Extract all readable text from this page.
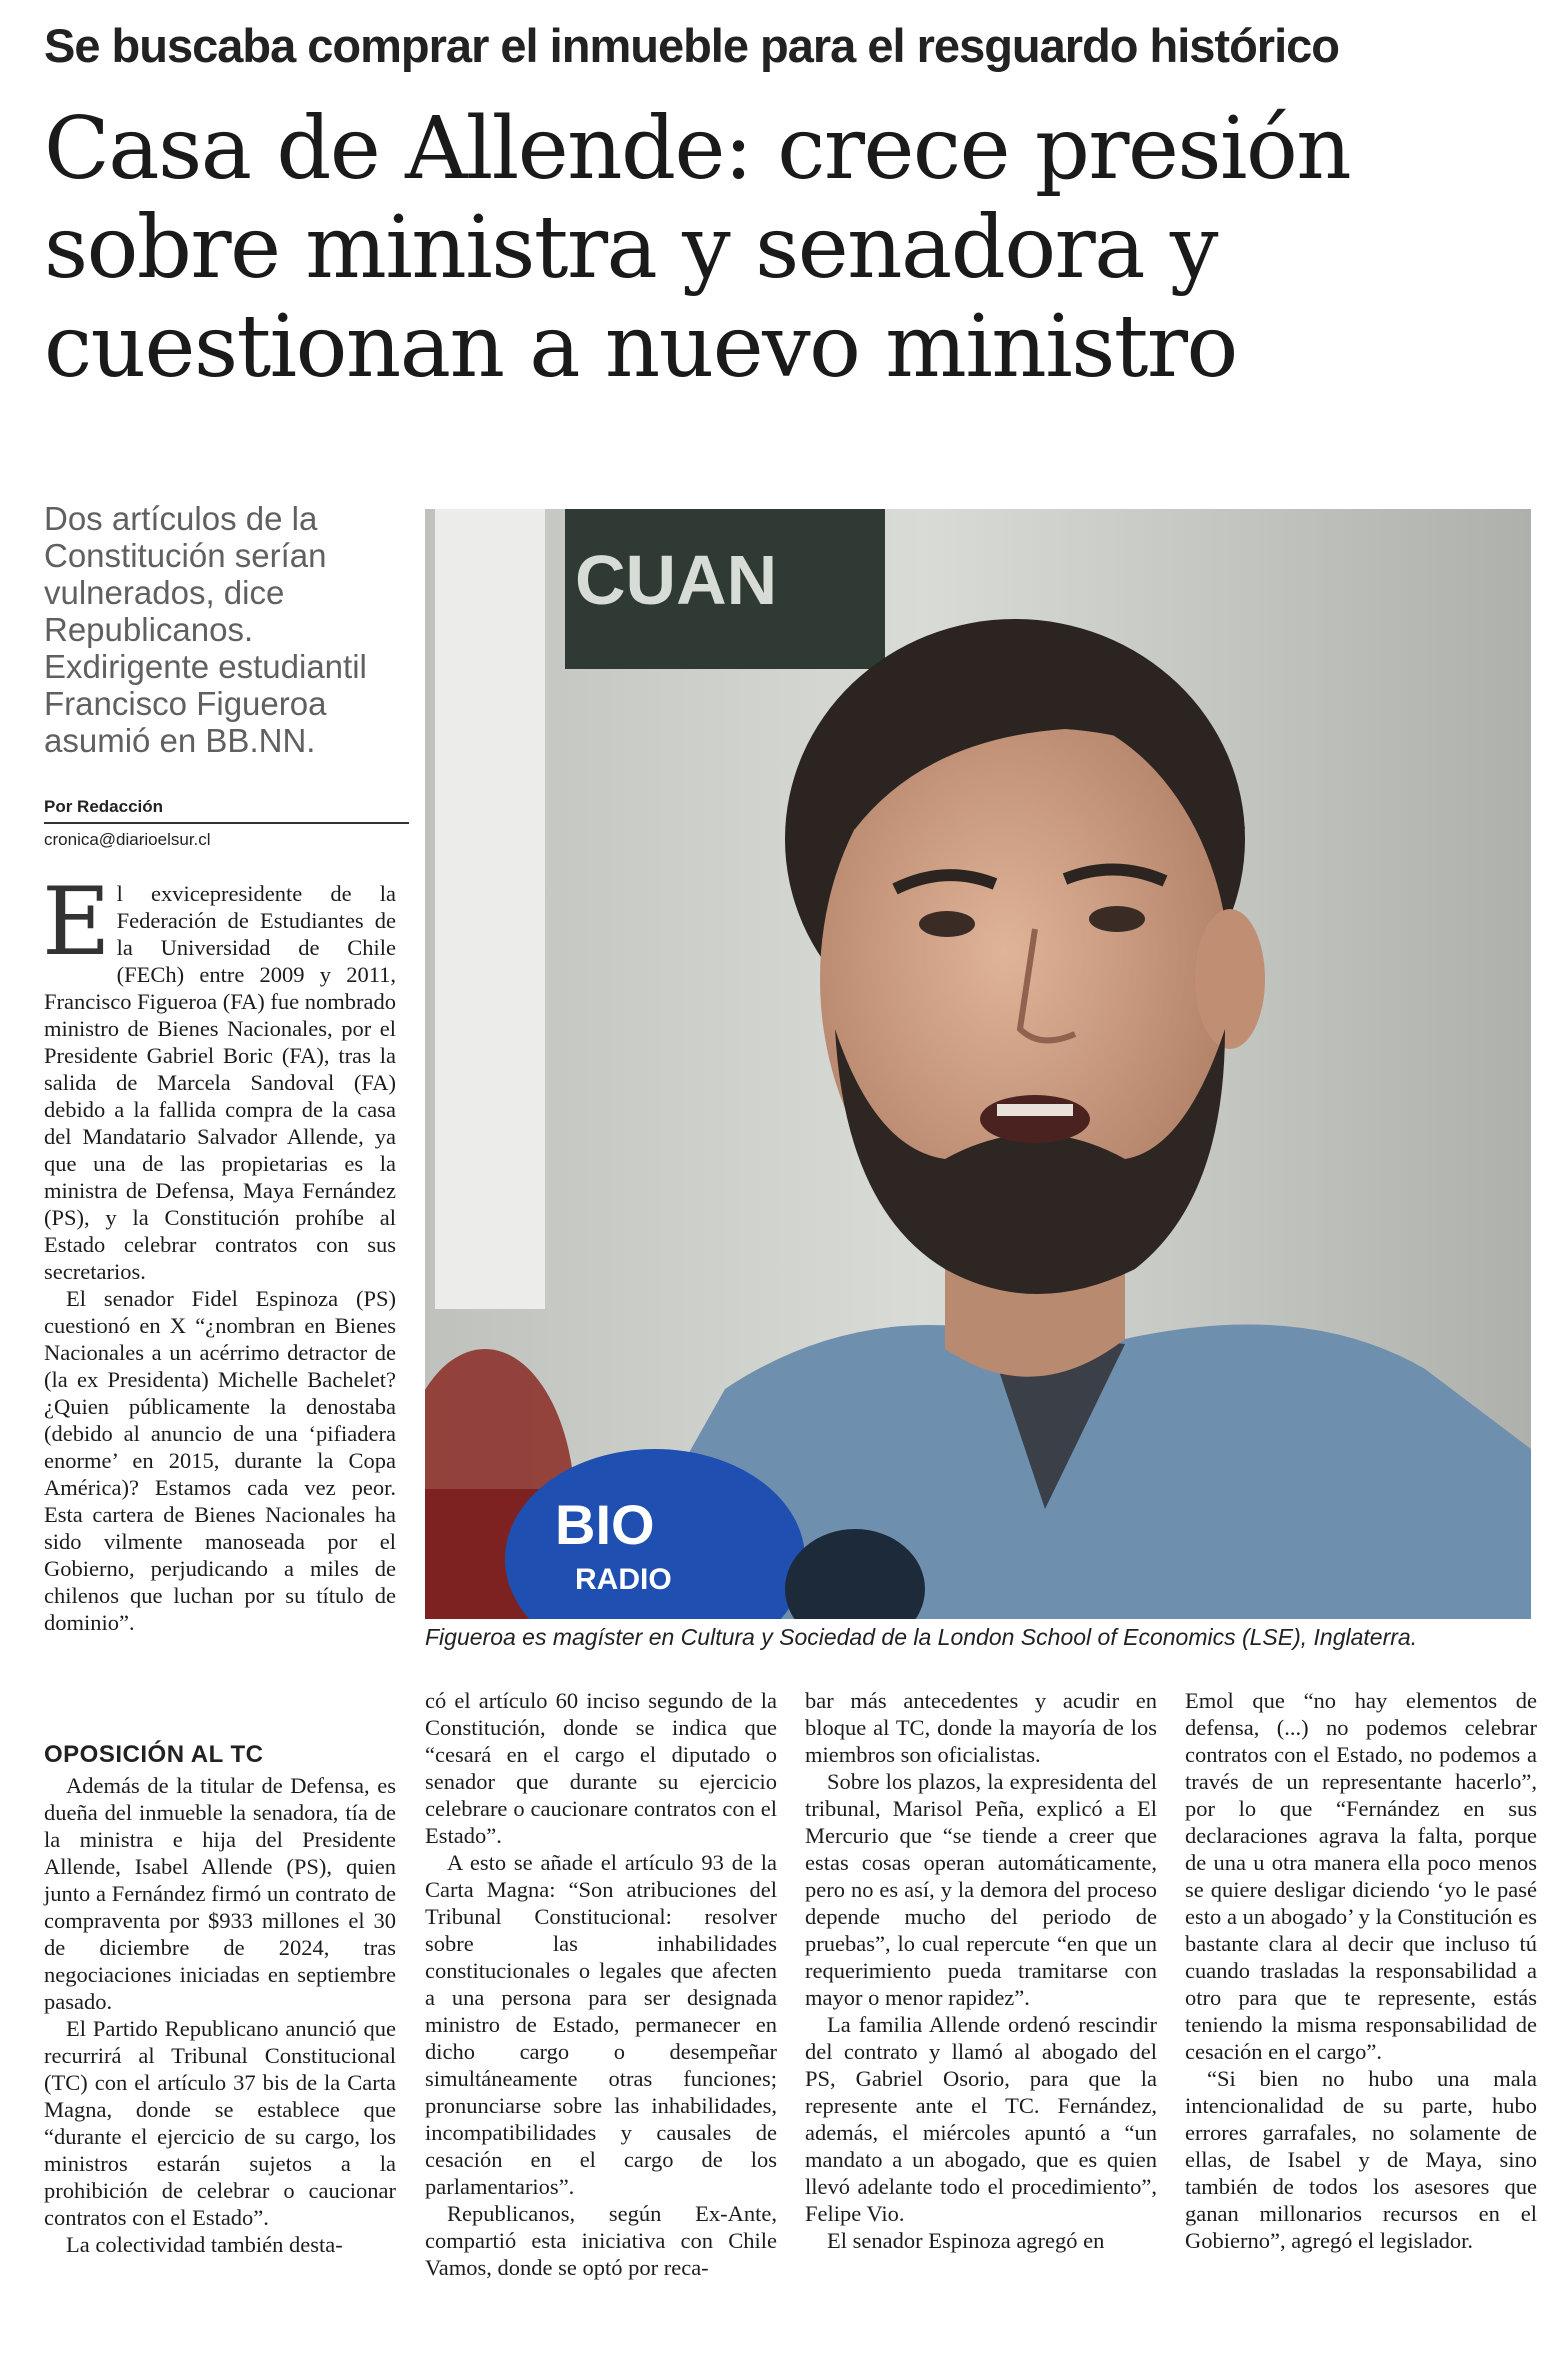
Se buscaba comprar el inmueble para el resguardo histórico
Casa de Allende: crece presión
sobre ministra y senadora y
cuestionan a nuevo ministro
Dos artículos de la Constitución serían vulnerados, dice Republicanos. Exdirigente estudiantil Francisco Figueroa asumió en BB.NN.
Por Redacción
cronica@diarioelsur.cl
CUAN
BIO
RADIO
Figueroa es magíster en Cultura y Sociedad de la London School of Economics (LSE), Inglaterra.

El exvicepresidente de la Federación de Estudiantes de la Universidad de Chile (FECh) entre 2009 y 2011, Francisco Figueroa (FA) fue nombrado ministro de Bienes Nacionales, por el Presidente Gabriel Boric (FA), tras la salida de Marcela Sandoval (FA) debido a la fallida compra de la casa del Mandatario Salvador Allende, ya que una de las propietarias es la ministra de Defensa, Maya Fernández (PS), y la Constitución prohíbe al Estado celebrar contratos con sus secretarios.

El senador Fidel Espinoza (PS) cuestionó en X “¿nombran en Bienes Nacionales a un acérrimo detractor de (la ex Presidenta) Michelle Bachelet? ¿Quien públicamente la denostaba (debido al anuncio de una ‘pifiadera enorme’ en 2015, durante la Copa América)? Estamos cada vez peor. Esta cartera de Bienes Nacionales ha sido vilmente manoseada por el Gobierno, perjudicando a miles de chilenos que luchan por su título de dominio”.

OPOSICIÓN AL TC

Además de la titular de Defensa, es dueña del inmueble la senadora, tía de la ministra e hija del Presidente Allende, Isabel Allende (PS), quien junto a Fernández firmó un contrato de compraventa por $933 millones el 30 de diciembre de 2024, tras negociaciones iniciadas en septiembre pasado.

El Partido Republicano anunció que recurrirá al Tribunal Constitucional (TC) con el artículo 37 bis de la Carta Magna, donde se establece que “durante el ejercicio de su cargo, los ministros estarán sujetos a la prohibición de celebrar o caucionar contratos con el Estado”.

La colectividad también desta-

có el artículo 60 inciso segundo de la Constitución, donde se indica que “cesará en el cargo el diputado o senador que durante su ejercicio celebrare o caucionare contratos con el Estado”.

A esto se añade el artículo 93 de la Carta Magna: “Son atribuciones del Tribunal Constitucional: resolver sobre las inhabilidades constitucionales o legales que afecten a una persona para ser designada ministro de Estado, permanecer en dicho cargo o desempeñar simultáneamente otras funciones; pronunciarse sobre las inhabilidades, incompatibilidades y causales de cesación en el cargo de los parlamentarios”.

Republicanos, según Ex-Ante, compartió esta iniciativa con Chile Vamos, donde se optó por reca-

bar más antecedentes y acudir en bloque al TC, donde la mayoría de los miembros son oficialistas.

Sobre los plazos, la expresidenta del tribunal, Marisol Peña, explicó a El Mercurio que “se tiende a creer que estas cosas operan automáticamente, pero no es así, y la demora del proceso depende mucho del periodo de pruebas”, lo cual repercute “en que un requerimiento pueda tramitarse con mayor o menor rapidez”.

La familia Allende ordenó rescindir del contrato y llamó al abogado del PS, Gabriel Osorio, para que la represente ante el TC. Fernández, además, el miércoles apuntó a “un mandato a un abogado, que es quien llevó adelante todo el procedimiento”, Felipe Vio.

El senador Espinoza agregó en

Emol que “no hay elementos de defensa, (...) no podemos celebrar contratos con el Estado, no podemos a través de un representante hacerlo”, por lo que “Fernández en sus declaraciones agrava la falta, porque de una u otra manera ella poco menos se quiere desligar diciendo ‘yo le pasé esto a un abogado’ y la Constitución es bastante clara al decir que incluso tú cuando trasladas la responsabilidad a otro para que te represente, estás teniendo la misma responsabilidad de cesación en el cargo”.

“Si bien no hubo una mala intencionalidad de su parte, hubo errores garrafales, no solamente de ellas, de Isabel y de Maya, sino también de todos los asesores que ganan millonarios recursos en el Gobierno”, agregó el legislador.
